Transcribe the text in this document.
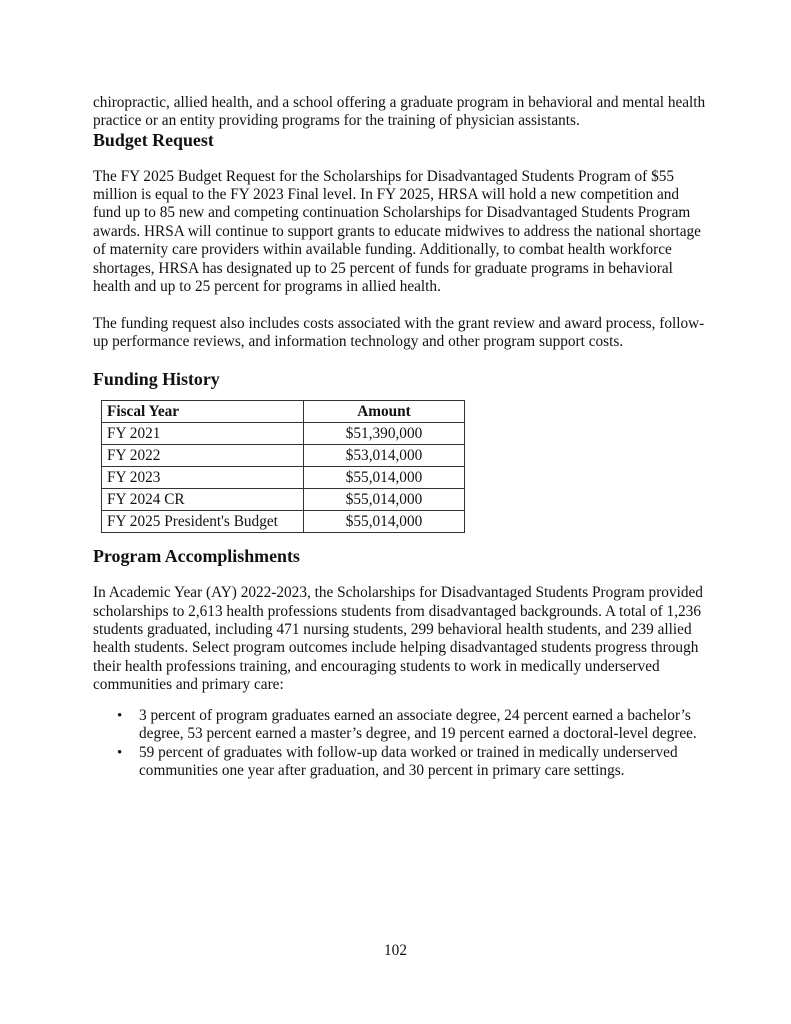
chiropractic, allied health, and a school offering a graduate program in behavioral and mental health practice or an entity providing programs for the training of physician assistants.

Budget Request

The FY 2025 Budget Request for the Scholarships for Disadvantaged Students Program of $55 million is equal to the FY 2023 Final level. In FY 2025, HRSA will hold a new competition and fund up to 85 new and competing continuation Scholarships for Disadvantaged Students Program awards. HRSA will continue to support grants to educate midwives to address the national shortage of maternity care providers within available funding. Additionally, to combat health workforce shortages, HRSA has designated up to 25 percent of funds for graduate programs in behavioral health and up to 25 percent for programs in allied health.

The funding request also includes costs associated with the grant review and award process, follow-up performance reviews, and information technology and other program support costs.

Funding History
Fiscal Year	Amount
FY 2021	$51,390,000
FY 2022	$53,014,000
FY 2023	$55,014,000
FY 2024 CR	$55,014,000
FY 2025 President's Budget	$55,014,000
Program Accomplishments

In Academic Year (AY) 2022-2023, the Scholarships for Disadvantaged Students Program provided scholarships to 2,613 health professions students from disadvantaged backgrounds. A total of 1,236 students graduated, including 471 nursing students, 299 behavioral health students, and 239 allied health students. Select program outcomes include helping disadvantaged students progress through their health professions training, and encouraging students to work in medically underserved communities and primary care:

• 3 percent of program graduates earned an associate degree, 24 percent earned a bachelor’s degree, 53 percent earned a master’s degree, and 19 percent earned a doctoral-level degree.
• 59 percent of graduates with follow-up data worked or trained in medically underserved communities one year after graduation, and 30 percent in primary care settings.
102
